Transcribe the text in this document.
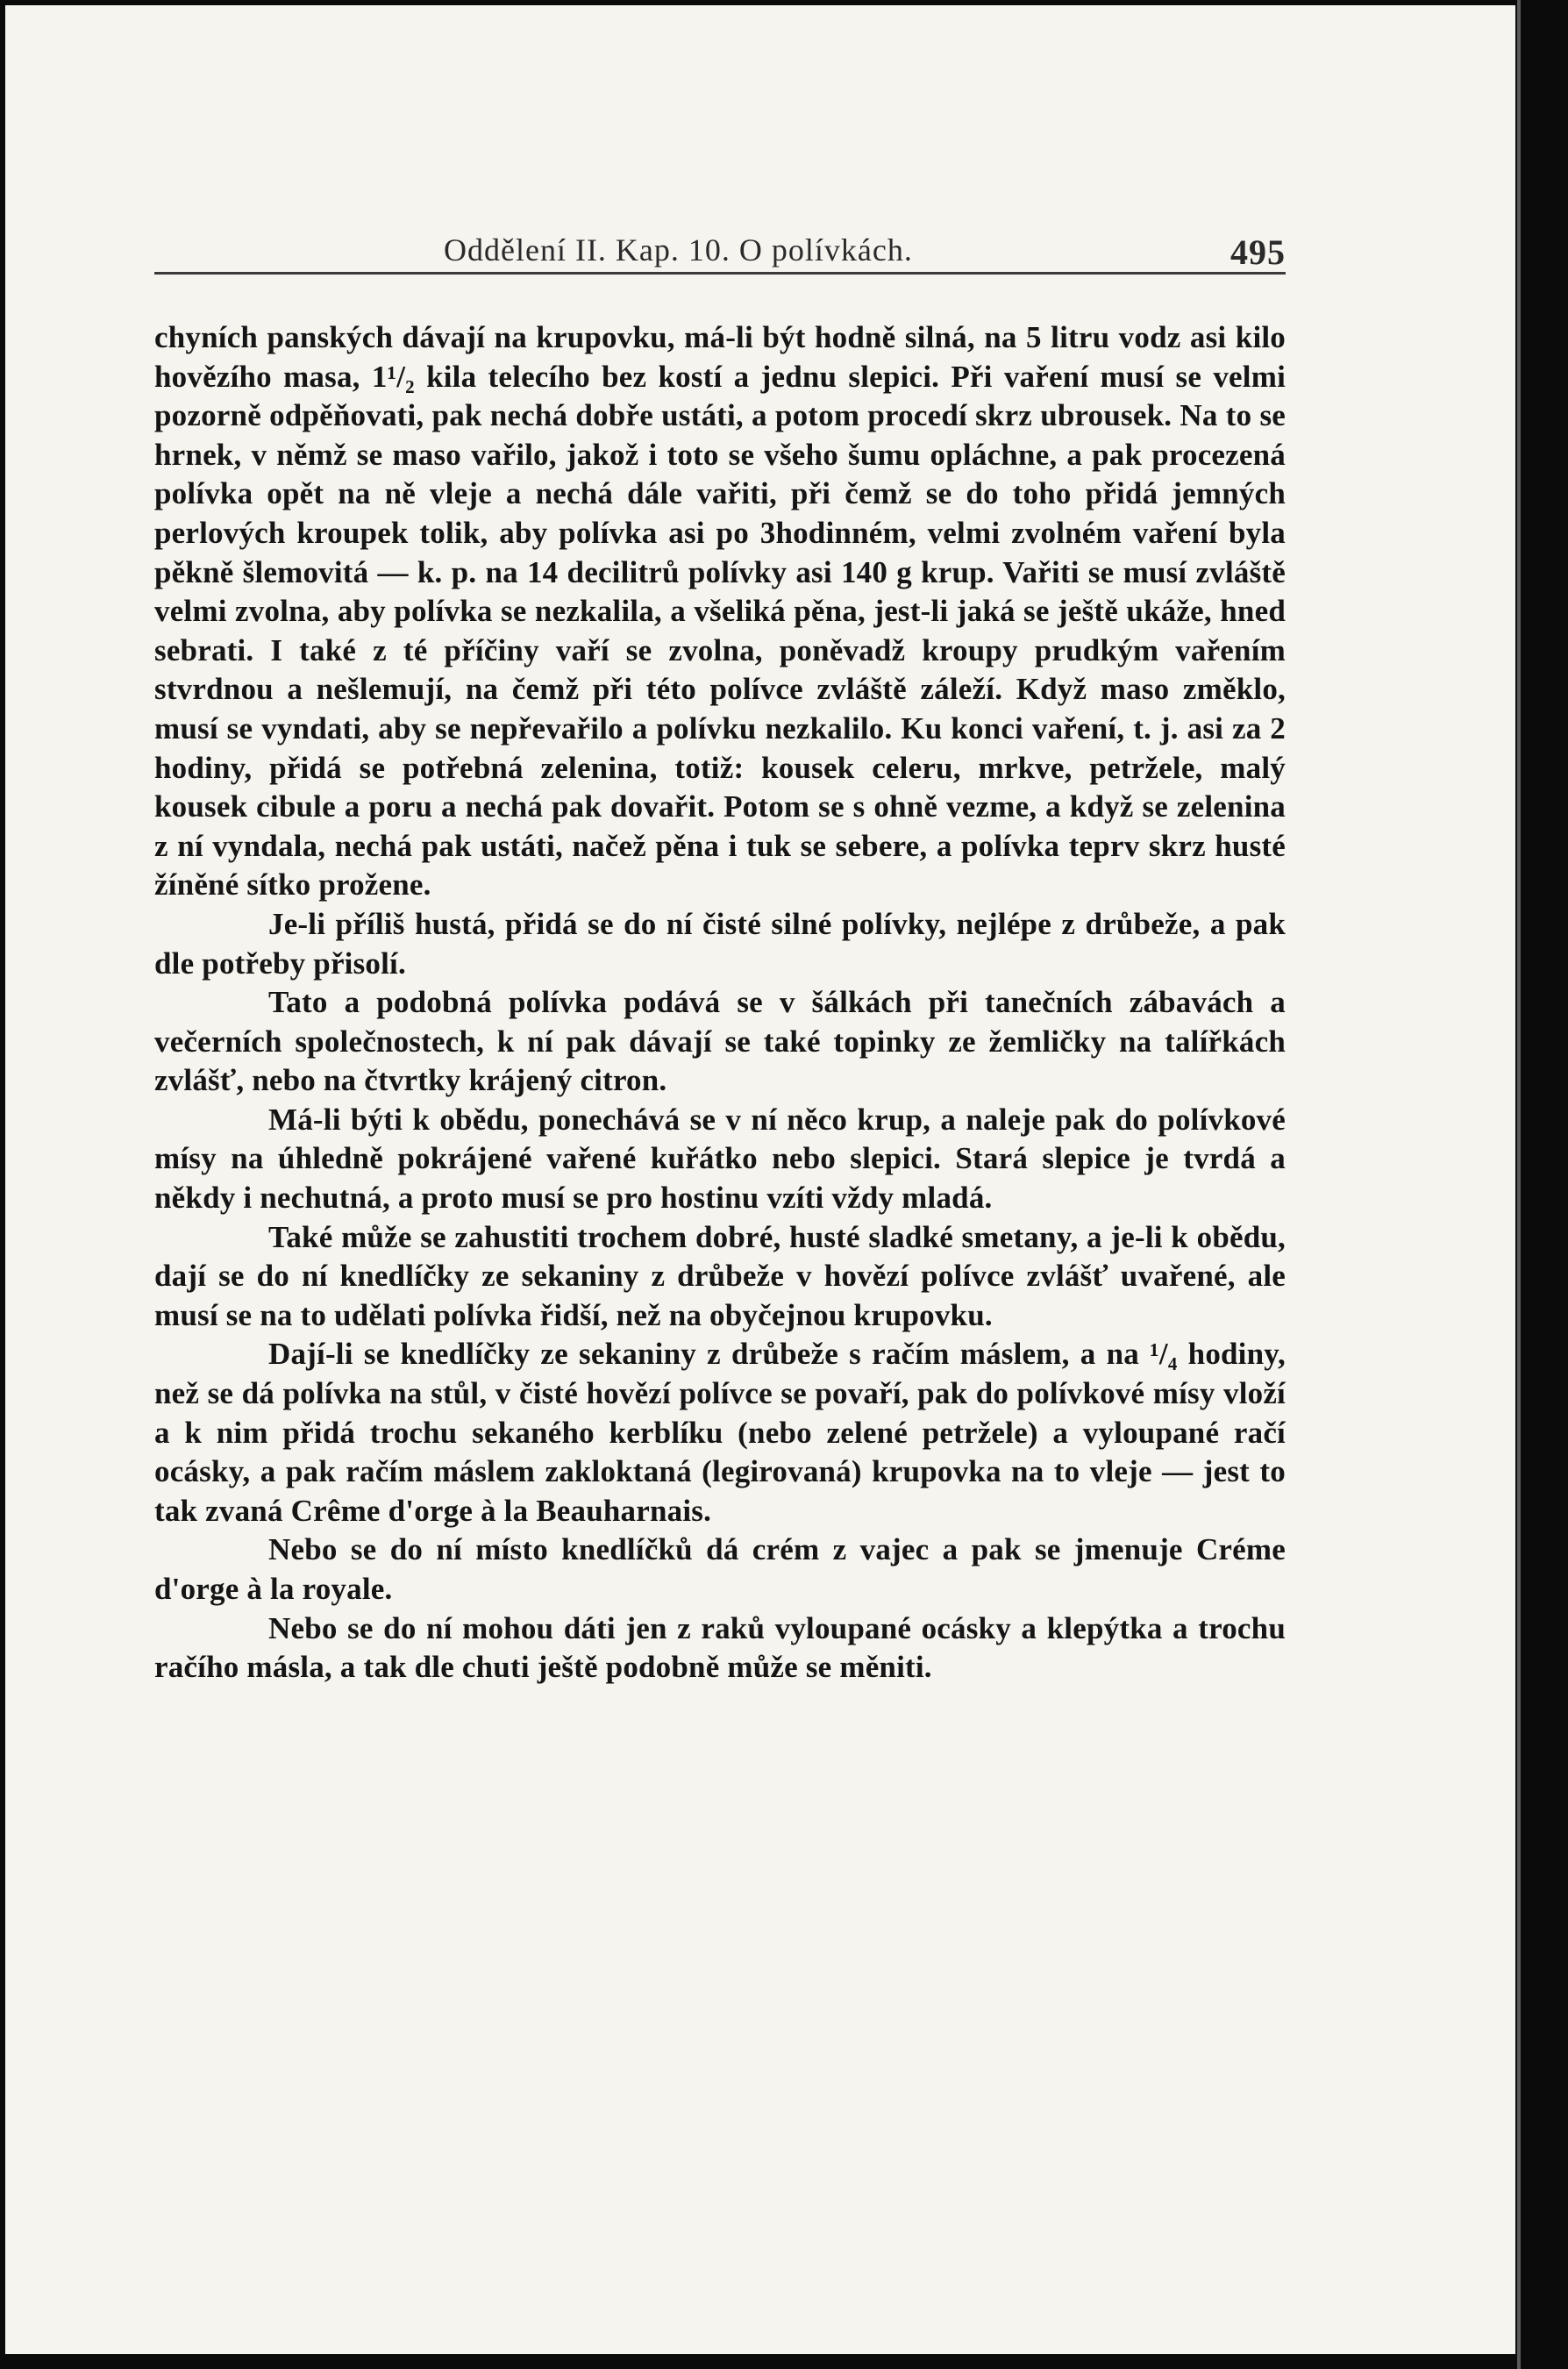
Oddělení II. Kap. 10. O polívkách.	495

chyních panských dávají na krupovku, má-li být hodně silná, na 5 litru vodz asi kilo hovězího masa, 1¹/₂ kila telecího bez kostí a jednu slepici. Při vaření musí se velmi pozorně odpěňovati, pak nechá dobře ustáti, a potom procedí skrz ubrousek. Na to se hrnek, v němž se maso vařilo, jakož i toto se všeho šumu opláchne, a pak procezená polívka opět na ně vleje a nechá dále vařiti, při čemž se do toho přidá jemných perlových kroupek tolik, aby polívka asi po 3hodinném, velmi zvolném vaření byla pěkně šlemovitá — k. p. na 14 decilitrů polívky asi 140 g krup. Vařiti se musí zvláště velmi zvolna, aby polívka se nezkalila, a všeliká pěna, jest-li jaká se ještě ukáže, hned sebrati. I také z té příčiny vaří se zvolna, poněvadž kroupy prudkým vařením stvrdnou a nešlemují, na čemž při této polívce zvláště záleží. Když maso změklo, musí se vyndati, aby se nepřevařilo a polívku nezkalilo. Ku konci vaření, t. j. asi za 2 hodiny, přidá se potřebná zelenina, totiž: kousek celeru, mrkve, petržele, malý kousek cibule a poru a nechá pak dovařit. Potom se s ohně vezme, a když se zelenina z ní vyndala, nechá pak ustáti, načež pěna i tuk se sebere, a polívka teprv skrz husté žíněné sítko prožene.

Je-li příliš hustá, přidá se do ní čisté silné polívky, nejlépe z drůbeže, a pak dle potřeby přisolí.

Tato a podobná polívka podává se v šálkách při tanečních zábavách a večerních společnostech, k ní pak dávají se také topinky ze žemličky na talířkách zvlášť, nebo na čtvrtky krájený citron.

Má-li býti k obědu, ponechává se v ní něco krup, a naleje pak do polívkové mísy na úhledně pokrájené vařené kuřátko nebo slepici. Stará slepice je tvrdá a někdy i nechutná, a proto musí se pro hostinu vzíti vždy mladá.

Také může se zahustiti trochem dobré, husté sladké smetany, a je-li k obědu, dají se do ní knedlíčky ze sekaniny z drůbeže v hovězí polívce zvlášť uvařené, ale musí se na to udělati polívka řidší, než na obyčejnou krupovku.

Dají-li se knedlíčky ze sekaniny z drůbeže s račím máslem, a na ¹/₄ hodiny, než se dá polívka na stůl, v čisté hovězí polívce se povaří, pak do polívkové mísy vloží a k nim přidá trochu sekaného kerblíku (nebo zelené petržele) a vyloupané račí ocásky, a pak račím máslem zakloktaná (legirovaná) krupovka na to vleje — jest to tak zvaná Crême d'orge à la Beauharnais.

Nebo se do ní místo knedlíčků dá crém z vajec a pak se jmenuje Créme d'orge à la royale.

Nebo se do ní mohou dáti jen z raků vyloupané ocásky a klepýtka a trochu račího másla, a tak dle chuti ještě podobně může se měniti.
